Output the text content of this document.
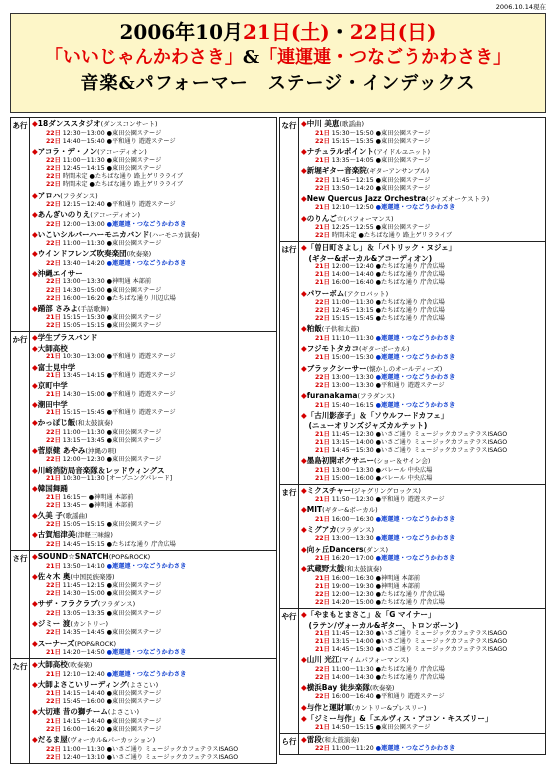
2006.10.14現在
2006年10月21日(土)・22日(日)
「いいじゃんかわさき」&「連運連・つなごうかわさき」
音楽&パフォーマー　ステージ・インデックス
あ行 ◆18ダンススタジオ(ダンスコンサート)
22日 12:30～13:00 ●東田公園ステージ
22日 14:40～15:40 ●平和通り 遊遊ステージ
◆アコラ・デ・ノン(アコーディオン)
22日 11:00～11:30 ●東田公園ステージ
22日 12:45～14:15 ●東田公園ステージ
22日 時間未定 ●たちばな通り 路上ゲリラライブ
22日 時間未定 ●たちばな通り 路上ゲリラライブ
◆アロハ(フラダンス)
22日 12:15～12:40 ●平和通り 遊遊ステージ
◆あんぎいのりえ(アコーディオン)
22日 12:00～13:00 ●連運連・つなごうかわさき
◆いこいシルバーハーモニカバンド(ハーモニカ演奏)
22日 11:00～11:30 ●東田公園ステージ
◆ウインドフレンズ吹奏楽団(吹奏楽)
22日 13:40～14:20 ●連運連・つなごうかわさき
◆沖縄エイサー
22日 13:00～13:30 ●神明通 本部前
22日 14:30～15:00 ●東田公園ステージ
22日 16:00～16:20 ●たちばな通り 川辺広場
◆踊部 さみよ(手話歌舞)
21日 15:15～15:30 ●東田公園ステージ
22日 15:05～15:15 ●東田公園ステージ
か行 ◆学生ブラスバンド
◆大師高校
21日 10:30～13:00 ●平和通り 遊遊ステージ
◆富士見中学
21日 13:45～14:15 ●平和通り 遊遊ステージ
◆京町中学
21日 14:30～15:00 ●平和通り 遊遊ステージ
◆潮田中学
21日 15:15～15:45 ●平和通り 遊遊ステージ
◆かっぽじ飯(和太鼓演奏)
22日 11:00～11:30 ●東田公園ステージ
22日 13:15～13:45 ●東田公園ステージ
◆菅原健 あやみ(沖縄の唄)
22日 12:00～12:30 ●東田公園ステージ
◆川崎消防局音楽隊＆レッドウィングス
21日 10:30～11:30 [オープニングパレード]
◆韓国舞踊
21日 16:15～ ●神明通 本部前
22日 13:45～ ●神明通 本部前
◆久美 子(歌謡曲)
22日 15:05～15:15 ●東田公園ステージ
◆古賀旭津美(津軽三味線)
22日 14:45～15:15 ●たちばな通り 庁舎広場
さ行 ◆SOUND☆SNATCH(POP&ROCK)
21日 13:50～14:10 ●連運連・つなごうかわさき
◆佐々木 奥(中国民族楽器)
22日 11:45～12:15 ●東田公園ステージ
22日 14:30～15:00 ●東田公園ステージ
◆サザ・フラクラブ(フラダンス)
22日 13:05～13:35 ●東田公園ステージ
◆ジミー 渡(カントリー)
22日 14:35～14:45 ●東田公園ステージ
◆スーナーズ(POP&ROCK)
21日 14:20～14:50 ●連運連・つなごうかわさき
た行 ◆大師高校(吹奏楽)
21日 12:10～12:40 ●連運連・つなごうかわさき
◆大師よさこいリーディング(よさこい)
21日 14:15～14:40 ●東田公園ステージ
22日 15:45～16:00 ●東田公園ステージ
◆大切連 昔の獅チーム(よさこい)
21日 14:15～14:40 ●東田公園ステージ
22日 16:00～16:20 ●東田公園ステージ
◆だるま屋(ヴォーカル&パーカッション)
22日 11:00～11:30 ●いさご通り ミュージックカフェテラスISAGO
22日 12:40～13:10 ●いさご通り ミュージックカフェテラスISAGO
な行 ◆中川 美恵(歌謡曲)
21日 15:30～15:50 ●東田公園ステージ
22日 15:15～15:35 ●東田公園ステージ
◆ナチュラルポイント(アイドルユニット)
21日 13:35～14:05 ●東田公園ステージ
◆新堀ギター音楽院(ギターアンサンブル)
22日 11:45～12:15 ●東田公園ステージ
22日 13:50～14:20 ●東田公園ステージ
◆New Quercus Jazz Orchestra(ジャズオーケストラ)
21日 12:10～12:50 ●連運連・つなごうかわさき
◆のりんご☆(パフォーマンス)
21日 12:25～12:55 ●東田公園ステージ
22日 時間未定 ●たちばな通り 路上ゲリラライブ
は行 ◆「曽日町さよし」＆「パトリック・ヌジェ」
　(ギター&ボーカル&アコーディオン)
21日 12:00～12:40 ●たちばな通り 庁舎広場
21日 14:00～14:40 ●たちばな通り 庁舎広場
21日 16:00～16:40 ●たちばな通り 庁舎広場
◆パワーボム(アクロバット)
22日 11:00～11:30 ●たちばな通り 庁舎広場
22日 12:45～13:15 ●たちばな通り 庁舎広場
22日 15:15～15:45 ●たちばな通り 庁舎広場
◆粕飯(子供和太鼓)
21日 11:10～11:30 ●連運連・つなごうかわさき
◆フジモトタカコ(ギターボーカル)
21日 15:00～15:30 ●連運連・つなごうかわさき
◆ブラックシーサー(懐かしのオールディーズ)
22日 13:00～13:30 ●連運連・つなごうかわさき
22日 13:00～13:30 ●平和通り 遊遊ステージ
◆furanakama(フラダンス)
21日 15:40～16:15 ●連運連・つなごうかわさき
◆「古川影彦子」＆「ソウルフードカフェ」
　(ニューオリンズジャズカルテット)
21日 11:45～12:30 ●いさご通り ミュージックカフェテラスISAGO
21日 13:15～14:00 ●いさご通り ミュージックカフェテラスISAGO
21日 14:45～15:30 ●いさご通り ミュージックカフェテラスISAGO
◆墨島初開ボクサニー(ショー＆サイン会)
21日 13:00～13:30 ●バレール 中央広場
21日 15:00～16:00 ●バレール 中央広場
ま行 ◆ミクスチャー(ジャグリングロックス)
21日 11:50～12:30 ●平和通り 遊遊ステージ
◆MIT(ギター&ボーカル)
21日 16:00～16:30 ●連運連・つなごうかわさき
◆ミグアカ(フラダンス)
22日 13:00～13:30 ●連運連・つなごうかわさき
◆向ヶ丘Dancers(ダンス)
21日 16:20～17:00 ●連運連・つなごうかわさき
◆武蔵野太鼓(和太鼓演奏)
21日 16:00～16:30 ●神明通 本部前
21日 19:00～19:30 ●神明通 本部前
22日 12:00～12:30 ●たちばな通り 庁舎広場
22日 14:20～15:00 ●たちばな通り 庁舎広場
や行 ◆「やまもとまさこ」＆「G マイナー」
　(ラテン/ヴォーカル&ギター、トロンボーン)
21日 11:45～12:30 ●いさご通り ミュージックカフェテラスISAGO
21日 13:15～14:00 ●いさご通り ミュージックカフェテラスISAGO
21日 14:45～15:30 ●いさご通り ミュージックカフェテラスISAGO
◆山川 光江(マイムパフォーマンス)
22日 11:00～11:30 ●たちばな通り 庁舎広場
22日 14:00～14:30 ●たちばな通り 庁舎広場
◆横浜Bay 徒歩楽隊(吹奏楽)
22日 16:00～16:40 ●平和通り 遊遊ステージ
◆与作と運財軍(カントリー&プレスリー)
◆「ジミー与作」&「エルヴィス・アコン・キスズリー」
21日 14:50～15:15 ●東田公園ステージ
ら行 ◆雷段(和太鼓演奏)
22日 11:00～11:20 ●連運連・つなごうかわさき
